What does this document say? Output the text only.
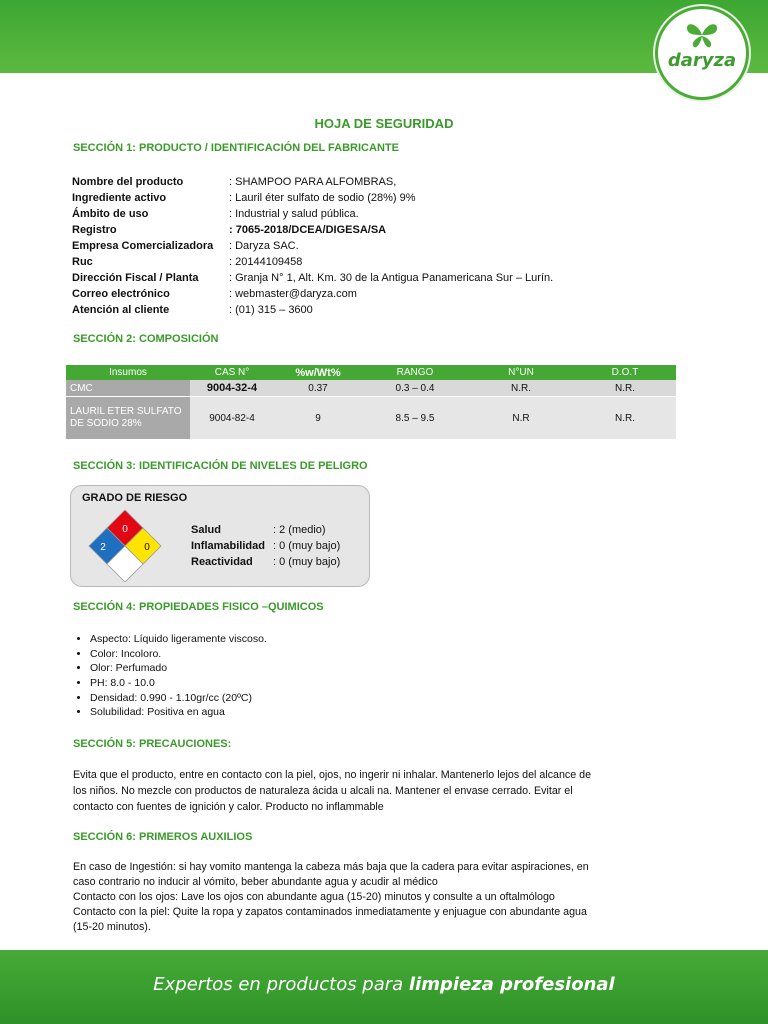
daryza
HOJA DE SEGURIDAD
SECCIÓN 1: PRODUCTO / IDENTIFICACIÓN DEL FABRICANTE
Nombre del producto	: SHAMPOO PARA ALFOMBRAS,
Ingrediente activo	: Lauril éter sulfato de sodio (28%) 9%
Ámbito de uso	: Industrial y salud pública.
Registro	: 7065-2018/DCEA/DIGESA/SA
Empresa Comercializadora : Daryza SAC.
Ruc	: 20144109458
Dirección Fiscal / Planta	: Granja N° 1, Alt. Km. 30 de la Antigua Panamericana Sur – Lurín.
Correo electrónico	: webmaster@daryza.com
Atención al cliente	: (01) 315 – 3600
SECCIÓN 2: COMPOSICIÓN
Insumos	CAS N°	%w/Wt%	RANGO	N°UN	D.O.T
CMC	9004-32-4	0.37	0.3 – 0.4	N.R.	N.R.
LAURIL ETER SULFATO DE SODIO 28%	9004-82-4	9	8.5 – 9.5	N.R	N.R.
SECCIÓN 3: IDENTIFICACIÓN DE NIVELES DE PELIGRO
GRADO DE RIESGO
0
2	0
Salud	: 2 (medio)
Inflamabilidad : 0 (muy bajo)
Reactividad : 0 (muy bajo)
SECCIÓN 4: PROPIEDADES FISICO –QUIMICOS
• Aspecto: Líquido ligeramente viscoso.
• Color: Incoloro.
• Olor: Perfumado
• PH: 8.0 - 10.0
• Densidad: 0.990 - 1.10gr/cc (20ºC)
• Solubilidad: Positiva en agua
SECCIÓN 5: PRECAUCIONES:
Evita que el producto, entre en contacto con la piel, ojos, no ingerir ni inhalar. Mantenerlo lejos del alcance de
los niños. No mezcle con productos de naturaleza ácida u alcali na. Mantener el envase cerrado. Evitar el
contacto con fuentes de ignición y calor. Producto no inflammable
SECCIÓN 6: PRIMEROS AUXILIOS
En caso de Ingestión: si hay vomito mantenga la cabeza más baja que la cadera para evitar aspiraciones, en
caso contrario no inducir al vómito, beber abundante agua y acudir al médico
Contacto con los ojos: Lave los ojos con abundante agua (15-20) minutos y consulte a un oftalmólogo
Contacto con la piel: Quite la ropa y zapatos contaminados inmediatamente y enjuague con abundante agua
(15-20 minutos).
Expertos en productos para limpieza profesional
